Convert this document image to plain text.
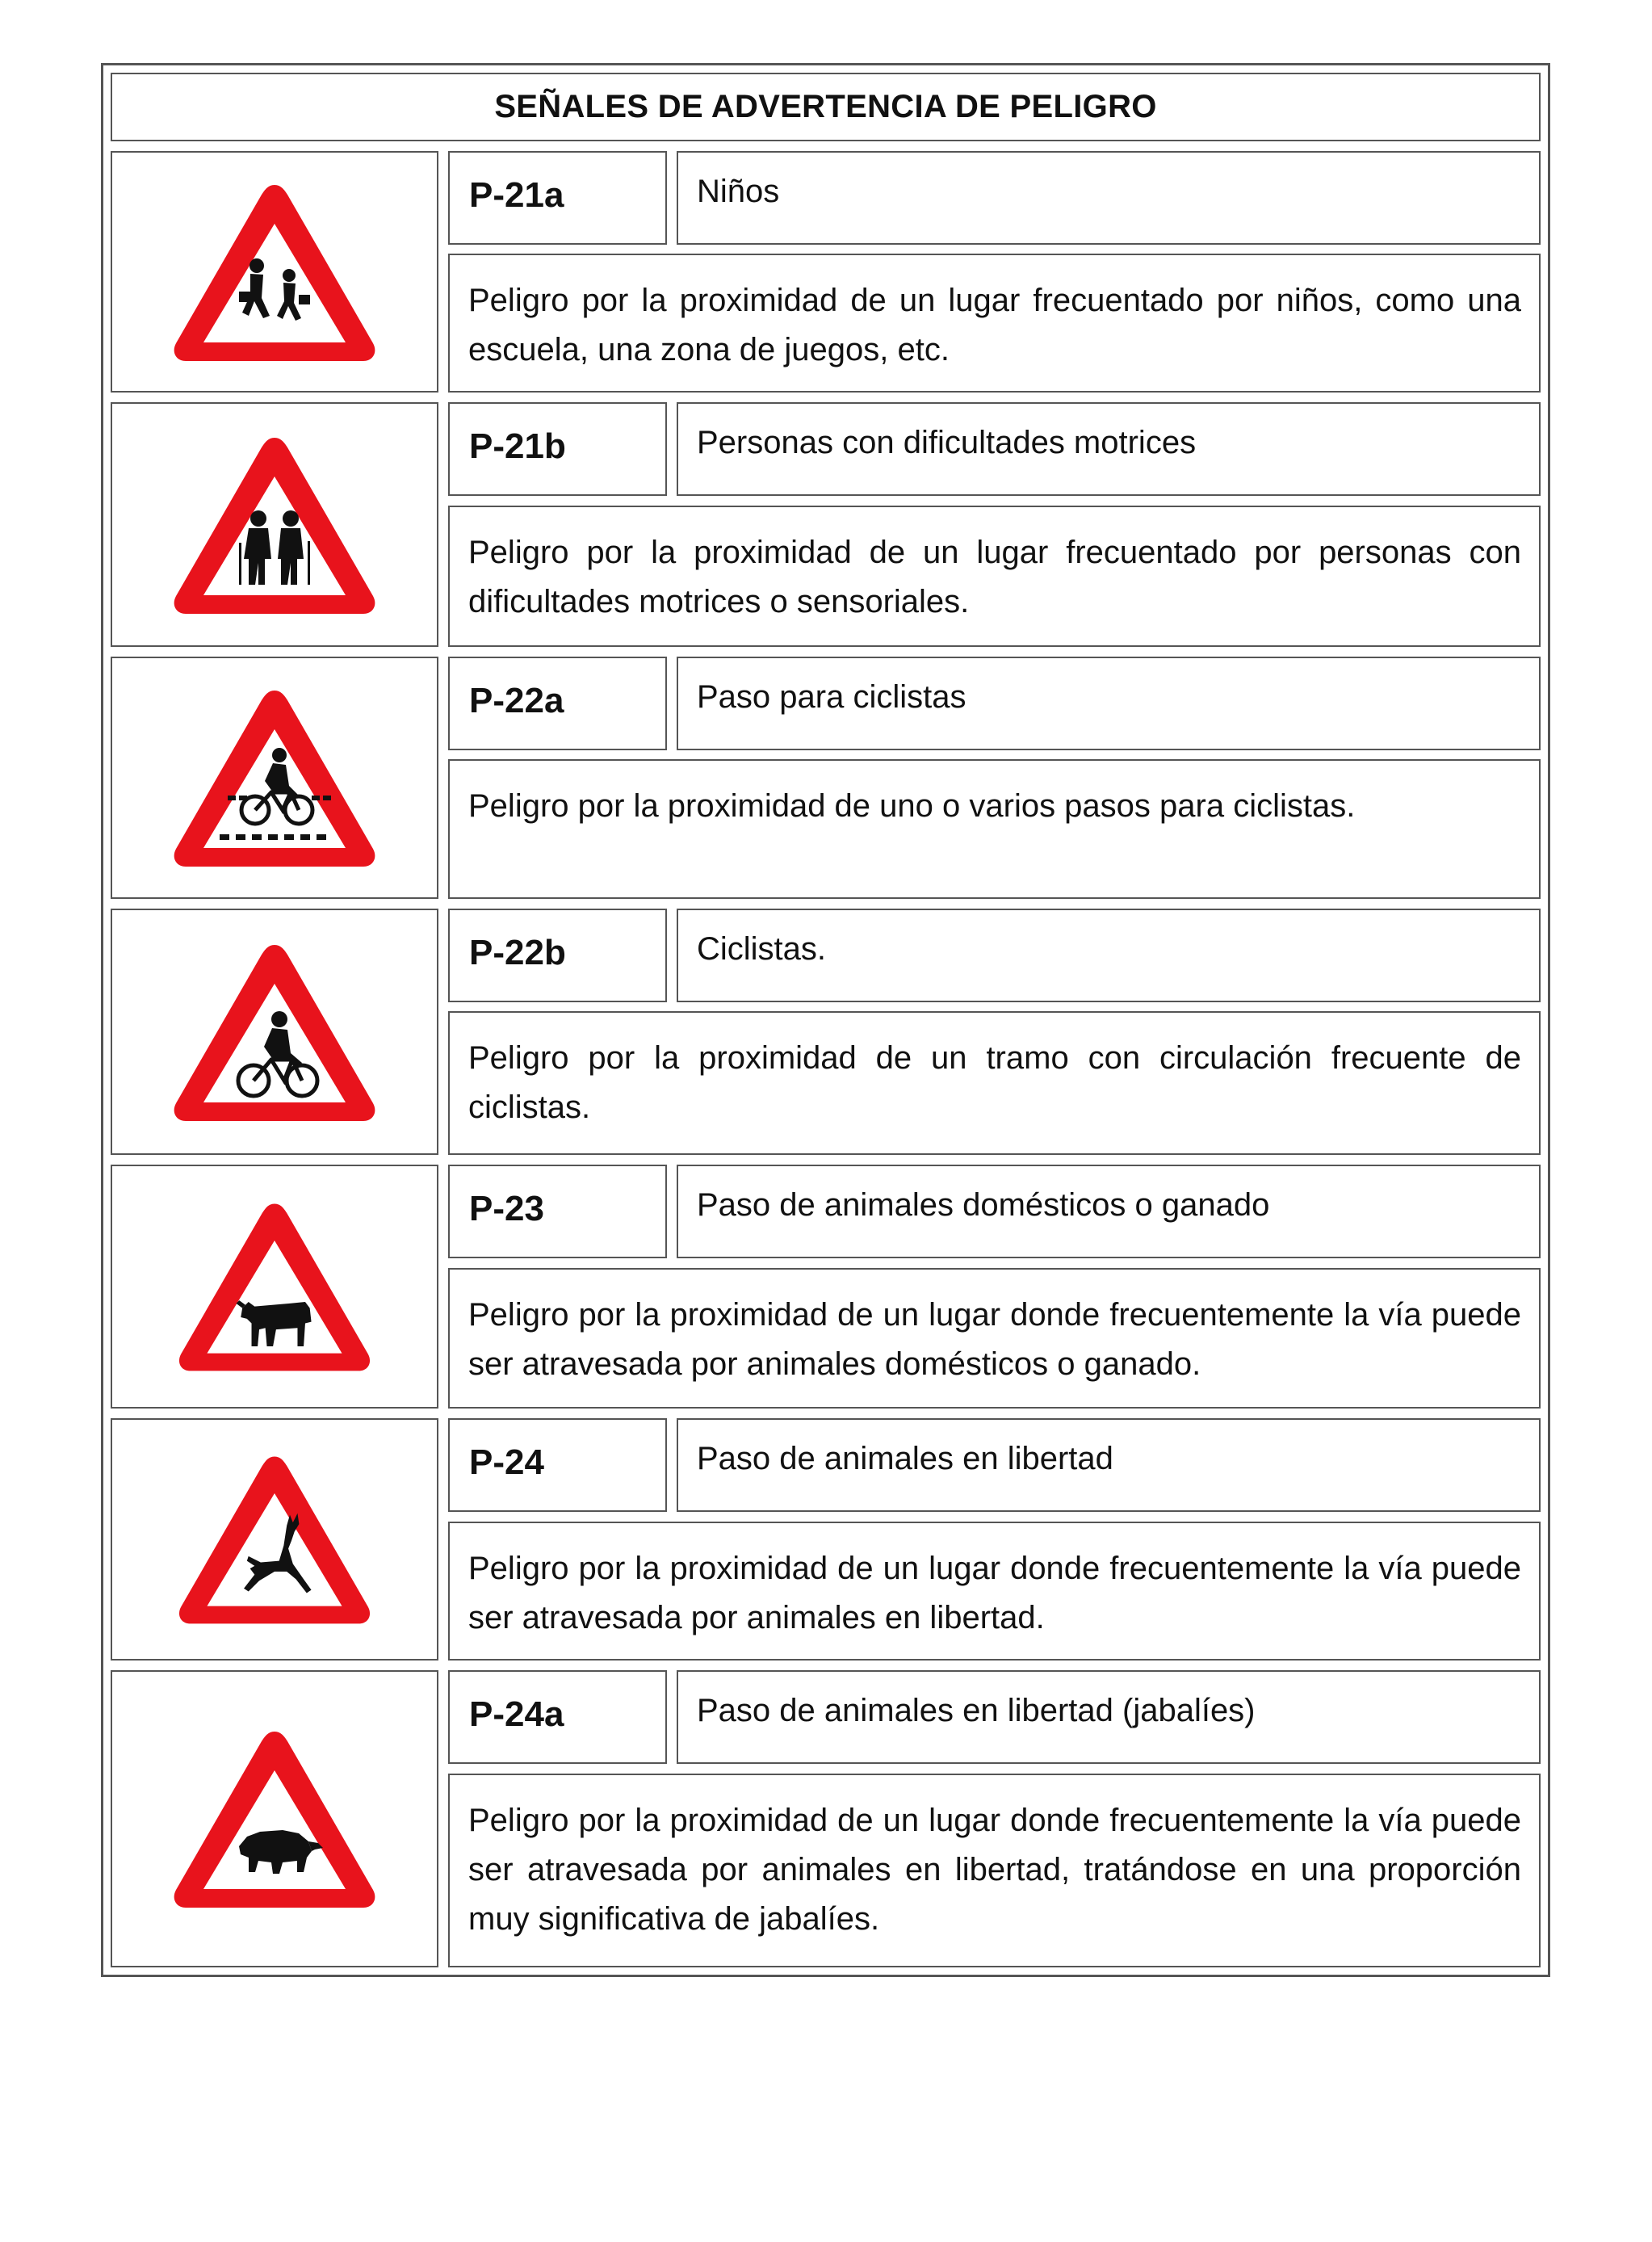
SEÑALES DE ADVERTENCIA DE PELIGRO
P-21a	Niños
Peligro por la proximidad de un lugar frecuentado por niños, como una escuela, una zona de juegos, etc.
P-21b	Personas con dificultades motrices
Peligro por la proximidad de un lugar frecuentado por personas con dificultades motrices o sensoriales.
P-22a	Paso para ciclistas
Peligro por la proximidad de uno o varios pasos para ciclistas.
P-22b	Ciclistas.
Peligro por la proximidad de un tramo con circulación frecuente de ciclistas.
P-23	Paso de animales domésticos o ganado
Peligro por la proximidad de un lugar donde frecuentemente la vía puede ser atravesada por animales domésticos o ganado.
P-24	Paso de animales en libertad
Peligro por la proximidad de un lugar donde frecuentemente la vía puede ser atravesada por animales en libertad.
P-24a	Paso de animales en libertad (jabalíes)
Peligro por la proximidad de un lugar donde frecuentemente la vía puede ser atravesada por animales en libertad, tratándose en una proporción muy significativa de jabalíes.
